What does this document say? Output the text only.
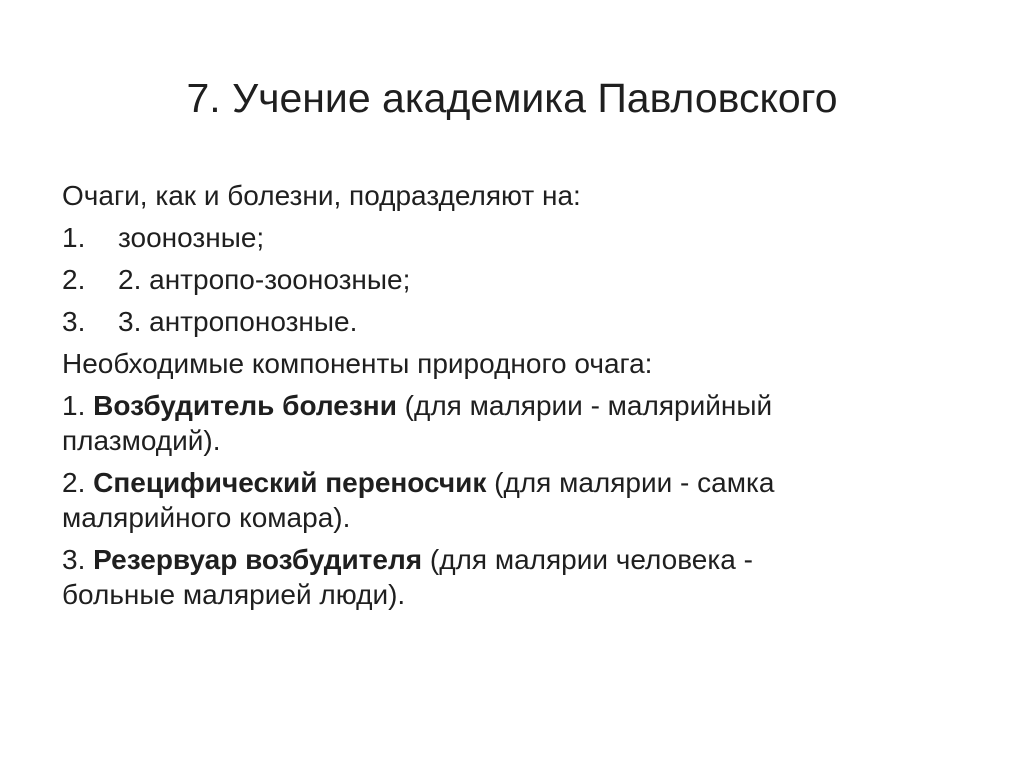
7. Учение академика Павловского
Очаги, как и болезни, подразделяют на:
1.	зоонозные;
2.	2. антропо-зоонозные;
3.	3. антропонозные.
Необходимые компоненты природного очага:
1. Возбудитель болезни (для малярии - малярийный
плазмодий).
2. Специфический переносчик (для малярии - самка
малярийного комара).
3. Резервуар возбудителя (для малярии человека -
больные малярией люди).
